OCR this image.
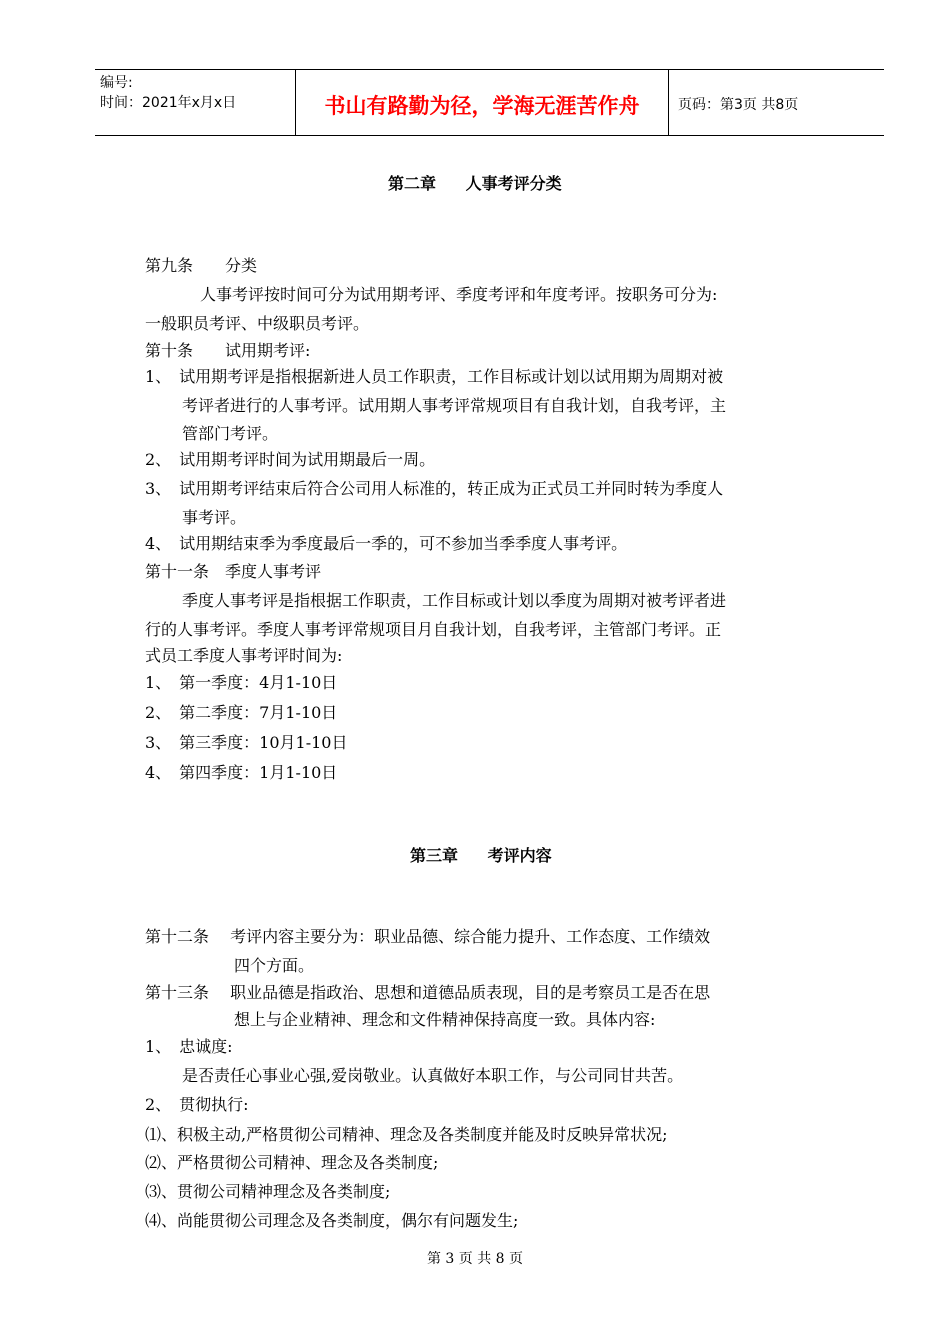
编号:
时间：2021年x月x日	书山有路勤为径，学海无涯苦作舟	页码：第3页 共8页
第二章 人事考评分类
第九条　　分类
人事考评按时间可分为试用期考评、季度考评和年度考评。按职务可分为:
一般职员考评、中级职员考评。
第十条　　试用期考评:
1、　试用期考评是指根据新进人员工作职责，工作目标或计划以试用期为周期对被
考评者进行的人事考评。试用期人事考评常规项目有自我计划，自我考评，主
管部门考评。
2、　试用期考评时间为试用期最后一周。
3、　试用期考评结束后符合公司用人标准的，转正成为正式员工并同时转为季度人
事考评。
4、　试用期结束季为季度最后一季的，可不参加当季季度人事考评。
第十一条　季度人事考评
季度人事考评是指根据工作职责，工作目标或计划以季度为周期对被考评者进
行的人事考评。季度人事考评常规项目月自我计划，自我考评，主管部门考评。正
式员工季度人事考评时间为:
1、　第一季度：4月1-10日
2、　第二季度：7月1-10日
3、　第三季度：10月1-10日
4、　第四季度：1月1-10日
第三章 考评内容
第十二条　 考评内容主要分为：职业品德、综合能力提升、工作态度、工作绩效
四个方面。
第十三条　 职业品德是指政治、思想和道德品质表现，目的是考察员工是否在思
想上与企业精神、理念和文件精神保持高度一致。具体内容:
1、　忠诚度:
是否责任心事业心强,爱岗敬业。认真做好本职工作，与公司同甘共苦。
2、　贯彻执行:
⑴、积极主动,严格贯彻公司精神、理念及各类制度并能及时反映异常状况;
⑵、严格贯彻公司精神、理念及各类制度;
⑶、贯彻公司精神理念及各类制度;
⑷、尚能贯彻公司理念及各类制度，偶尔有问题发生;
第 3 页 共 8 页
